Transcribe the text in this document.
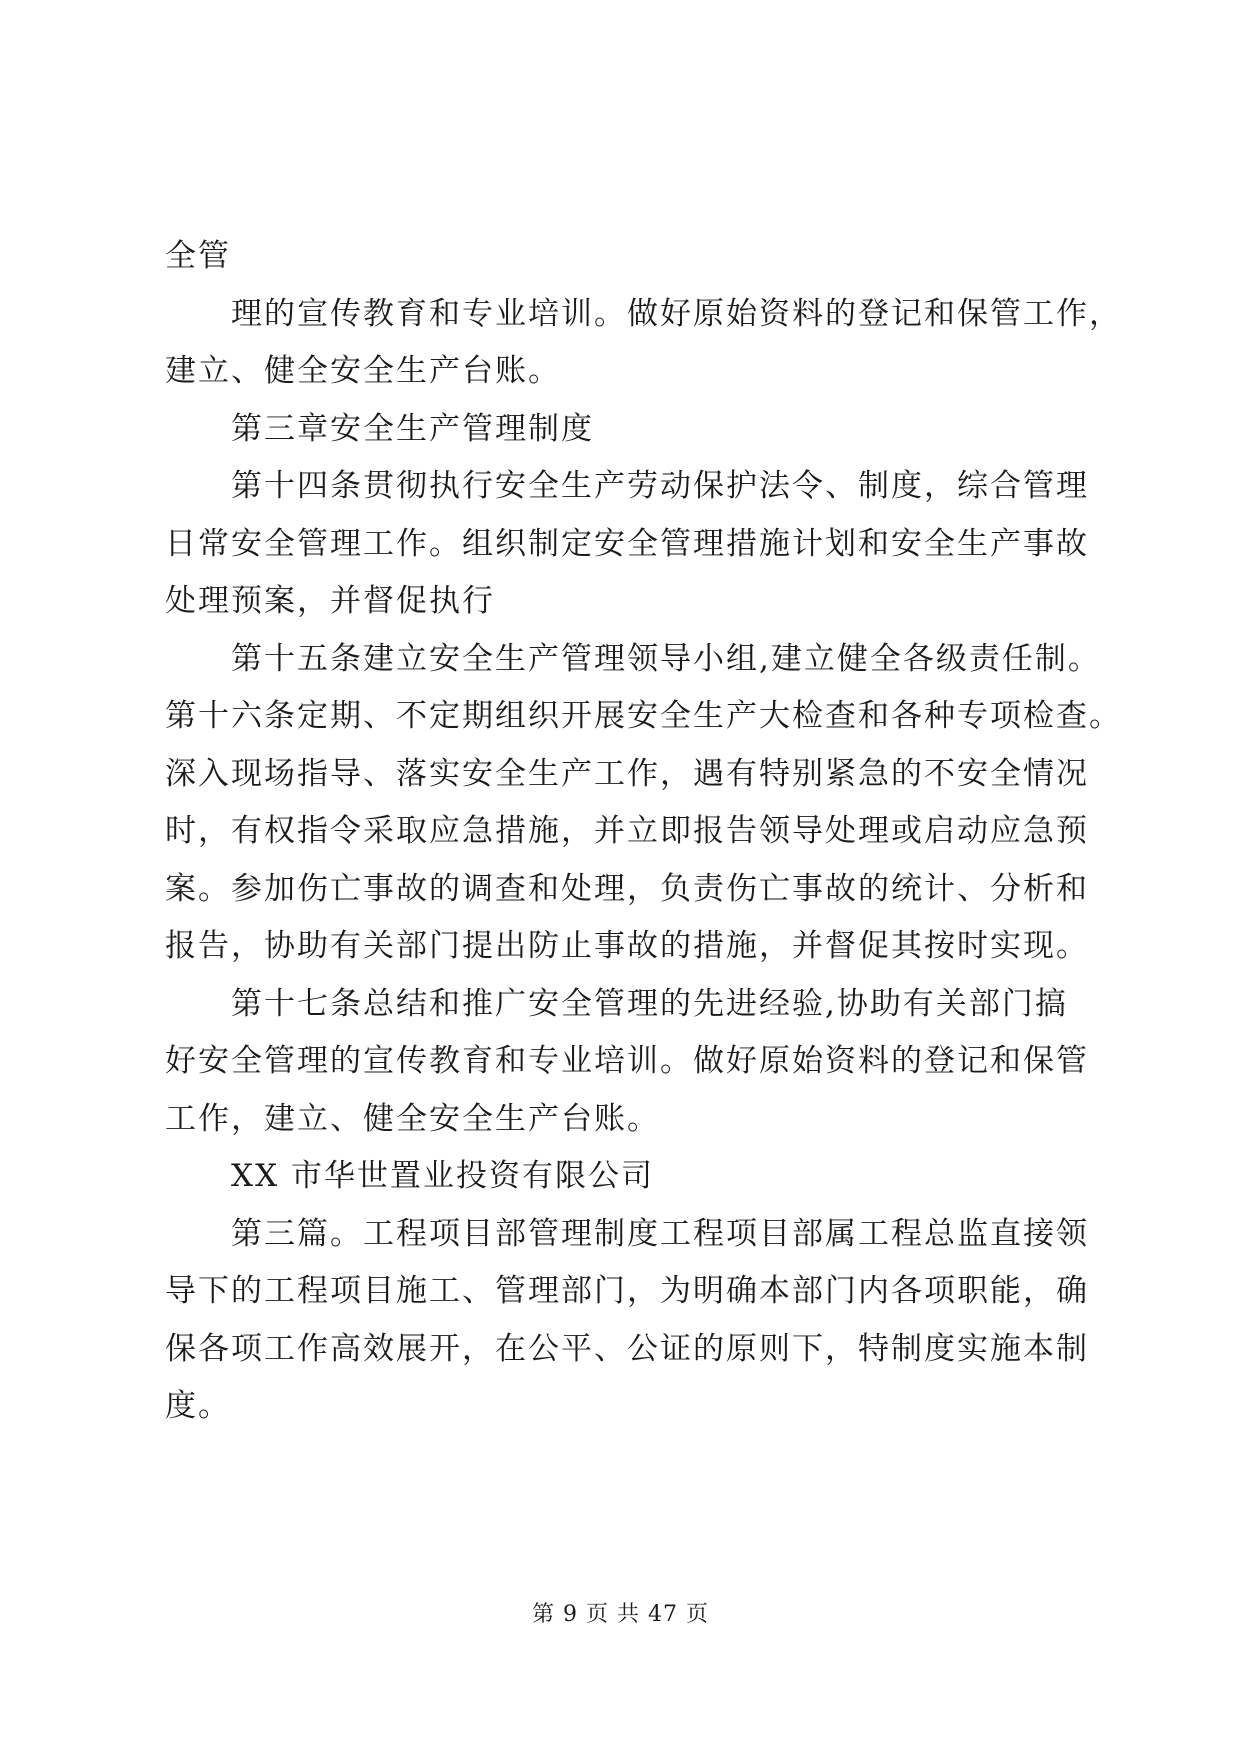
全管
理的宣传教育和专业培训。做好原始资料的登记和保管工作，
建立、健全安全生产台账。
第三章安全生产管理制度
第十四条贯彻执行安全生产劳动保护法令、制度，综合管理
日常安全管理工作。组织制定安全管理措施计划和安全生产事故
处理预案，并督促执行
第十五条建立安全生产管理领导小组,建立健全各级责任制。
第十六条定期、不定期组织开展安全生产大检查和各种专项检查。
深入现场指导、落实安全生产工作，遇有特别紧急的不安全情况
时，有权指令采取应急措施，并立即报告领导处理或启动应急预
案。参加伤亡事故的调查和处理，负责伤亡事故的统计、分析和
报告，协助有关部门提出防止事故的措施，并督促其按时实现。
第十七条总结和推广安全管理的先进经验,协助有关部门搞
好安全管理的宣传教育和专业培训。做好原始资料的登记和保管
工作，建立、健全安全生产台账。
XX 市华世置业投资有限公司
第三篇。工程项目部管理制度工程项目部属工程总监直接领
导下的工程项目施工、管理部门，为明确本部门内各项职能，确
保各项工作高效展开，在公平、公证的原则下，特制度实施本制
度。
第 9 页 共 47 页
